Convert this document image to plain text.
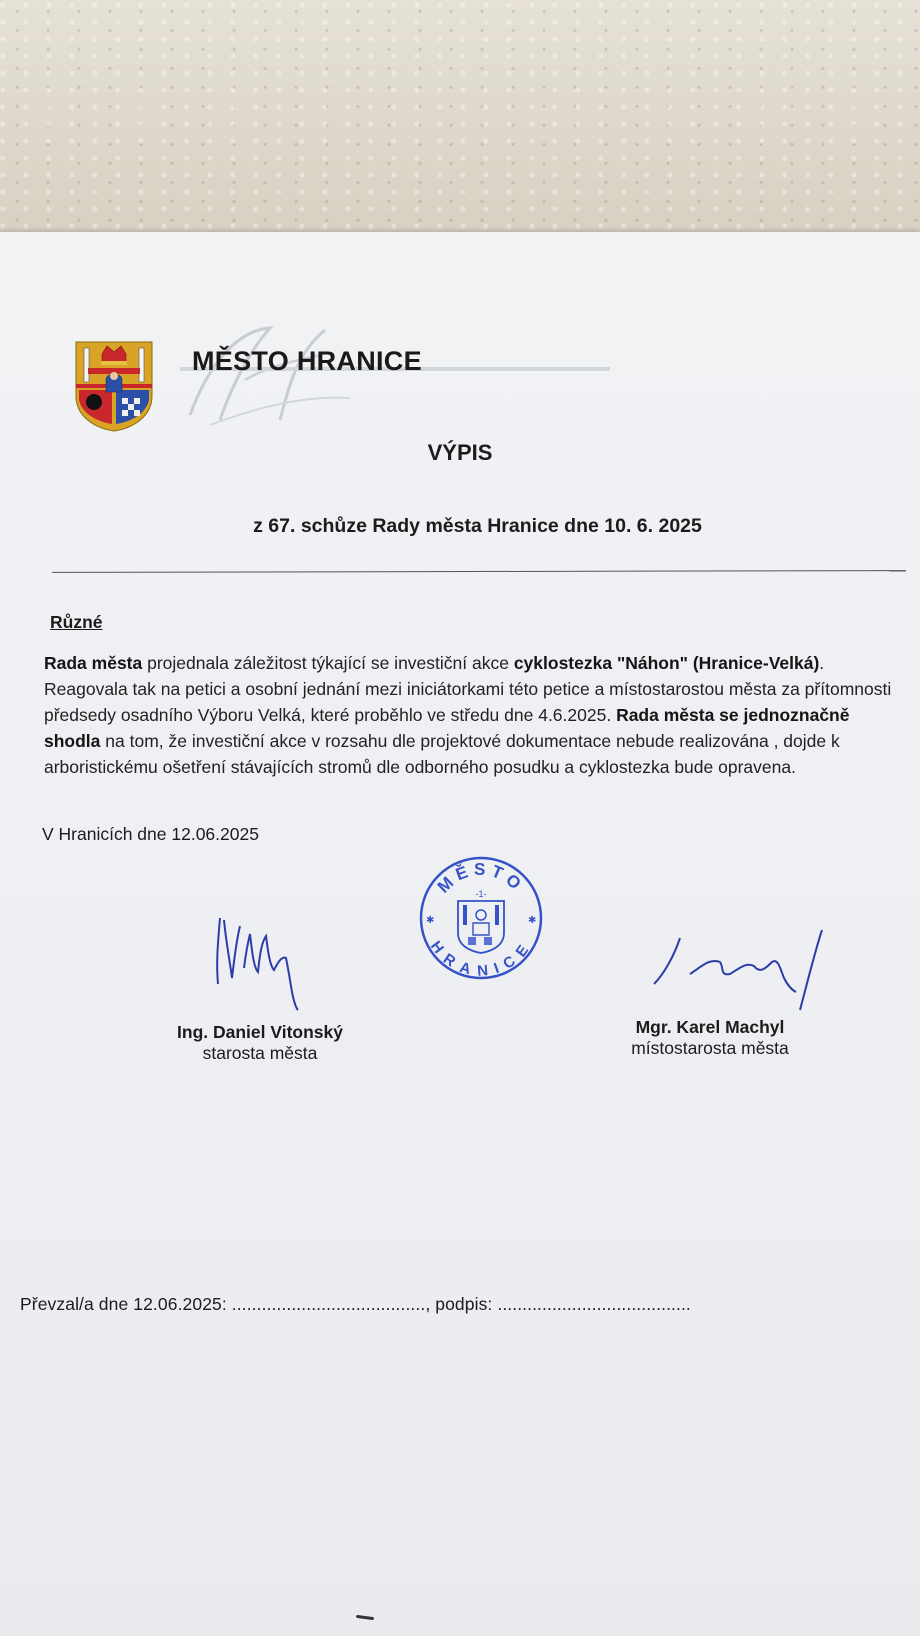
MĚSTO HRANICE
VÝPIS
z 67. schůze Rady města Hranice dne 10. 6. 2025
Různé
Rada města projednala záležitost týkající se investiční akce cyklostezka "Náhon" (Hranice-Velká). Reagovala tak na petici a osobní jednání mezi iniciátorkami této petice a místostarostou města za přítomnosti předsedy osadního Výboru Velká, které proběhlo ve středu dne 4.6.2025. Rada města se jednoznačně shodla na tom, že investiční akce v rozsahu dle projektové dokumentace nebude realizována , dojde k arboristickému ošetření stávajících stromů dle odborného posudku a cyklostezka bude opravena.
V Hranicích dne 12.06.2025
MĚSTO
HRANICE
-1-
✱	✱
Ing. Daniel Vitonský
starosta města
Mgr. Karel Machyl
místostarosta města
Převzal/a dne 12.06.2025: ......................................., podpis: .......................................
